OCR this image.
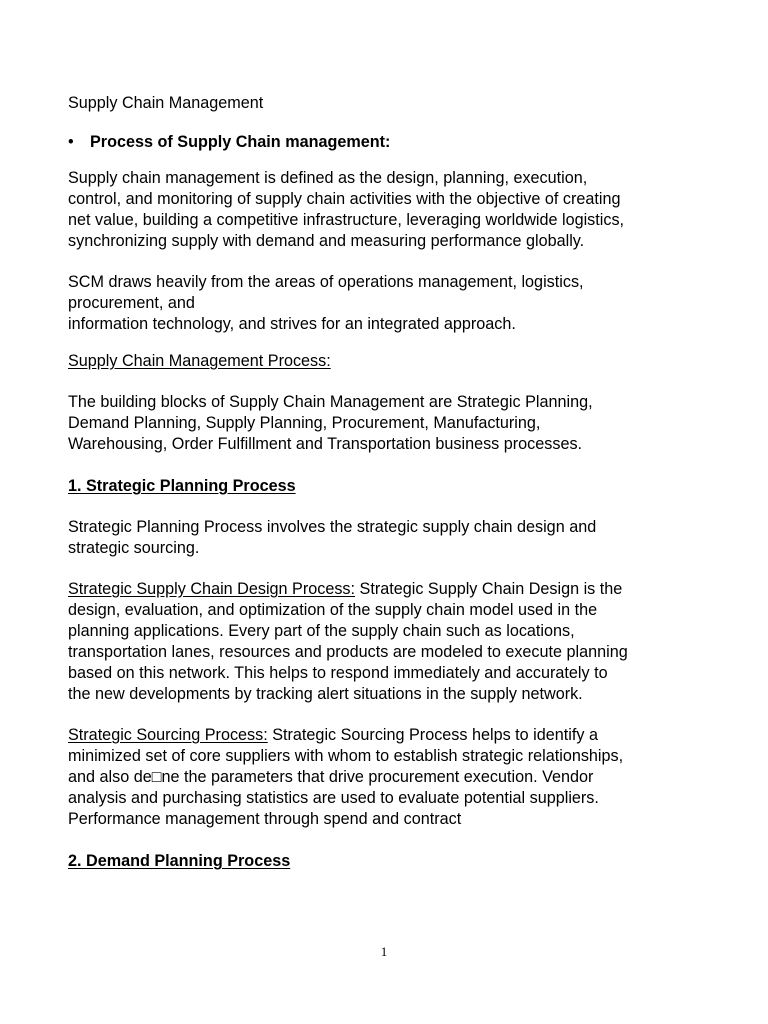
Supply Chain Management
• Process of Supply Chain management:
Supply chain management is defined as the design, planning, execution,
control, and monitoring of supply chain activities with the objective of creating
net value, building a competitive infrastructure, leveraging worldwide logistics,
synchronizing supply with demand and measuring performance globally.
SCM draws heavily from the areas of operations management, logistics,
procurement, and
information technology, and strives for an integrated approach.
Supply Chain Management Process:
The building blocks of Supply Chain Management are Strategic Planning,
Demand Planning, Supply Planning, Procurement, Manufacturing,
Warehousing, Order Fulfillment and Transportation business processes.
1. Strategic Planning Process
Strategic Planning Process involves the strategic supply chain design and
strategic sourcing.
Strategic Supply Chain Design Process: Strategic Supply Chain Design is the
design, evaluation, and optimization of the supply chain model used in the
planning applications. Every part of the supply chain such as locations,
transportation lanes, resources and products are modeled to execute planning
based on this network. This helps to respond immediately and accurately to
the new developments by tracking alert situations in the supply network.
Strategic Sourcing Process: Strategic Sourcing Process helps to identify a
minimized set of core suppliers with whom to establish strategic relationships,
and also de□ne the parameters that drive procurement execution. Vendor
analysis and purchasing statistics are used to evaluate potential suppliers.
Performance management through spend and contract
2. Demand Planning Process
1
